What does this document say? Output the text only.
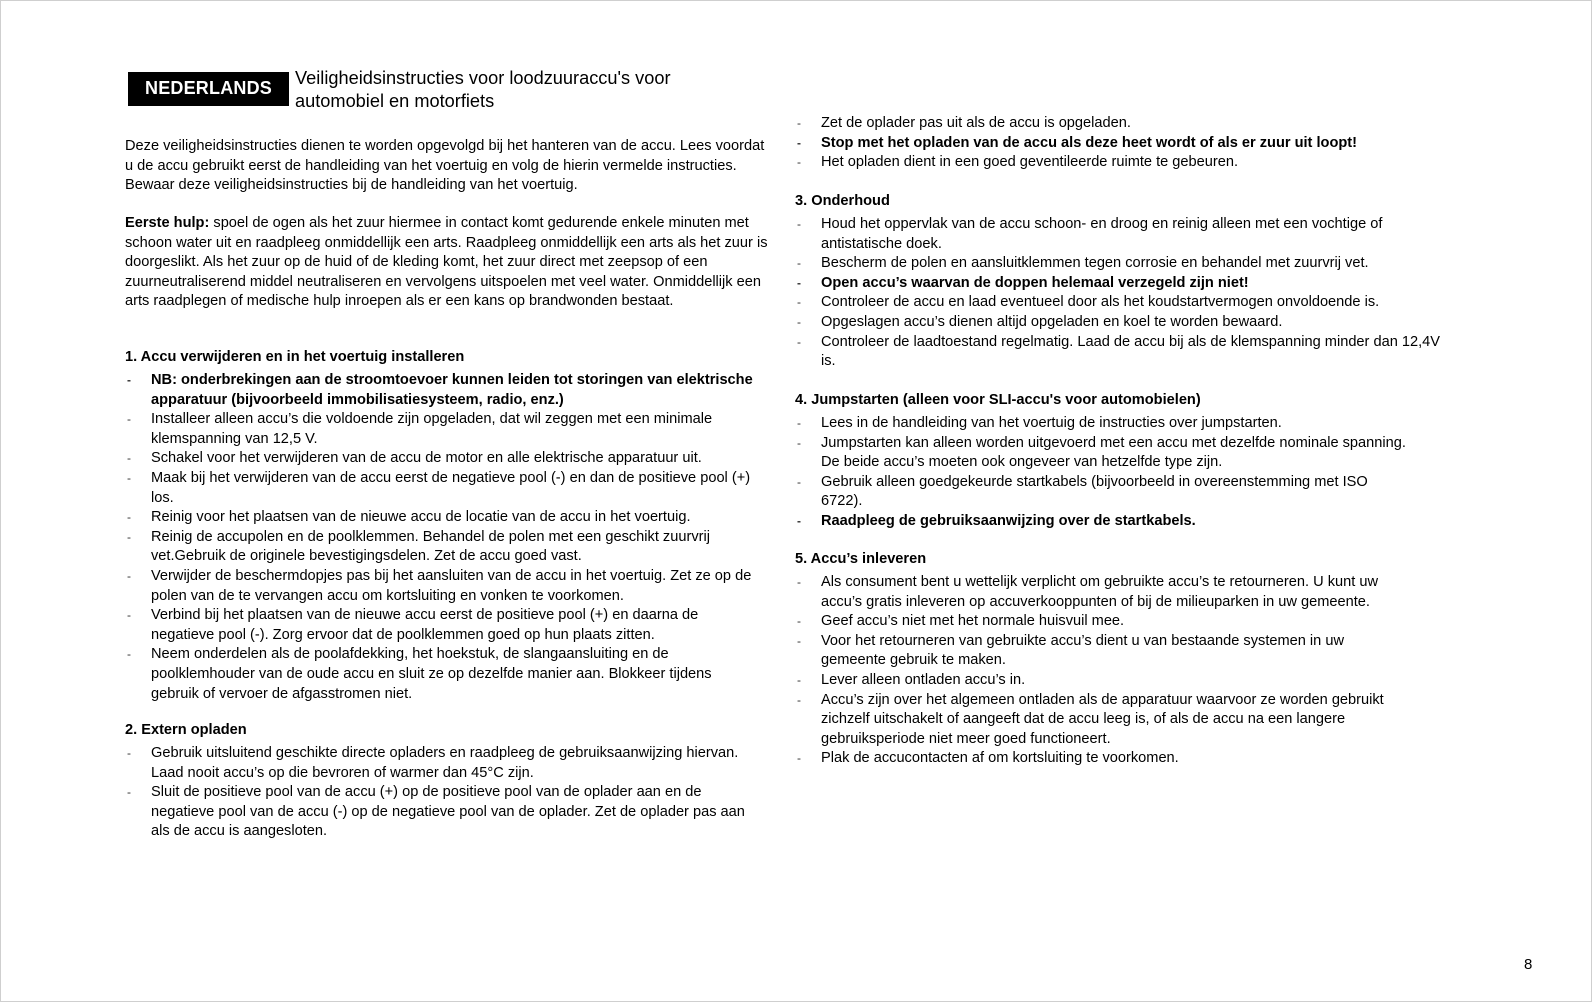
NEDERLANDS	Veiligheidsinstructies voor loodzuuraccu's voor
automobiel en motorfiets

Deze veiligheidsinstructies dienen te worden opgevolgd bij het hanteren van de accu. Lees voordat u de accu gebruikt eerst de handleiding van het voertuig en volg de hierin vermelde instructies. Bewaar deze veiligheidsinstructies bij de handleiding van het voertuig.

Eerste hulp: spoel de ogen als het zuur hiermee in contact komt gedurende enkele minuten met schoon water uit en raadpleeg onmiddellijk een arts. Raadpleeg onmiddellijk een arts als het zuur is doorgeslikt. Als het zuur op de huid of de kleding komt, het zuur direct met zeepsop of een zuurneutraliserend middel neutraliseren en vervolgens uitspoelen met veel water. Onmiddellijk een arts raadplegen of medische hulp inroepen als er een kans op brandwonden bestaat.

1. Accu verwijderen en in het voertuig installeren
- NB: onderbrekingen aan de stroomtoevoer kunnen leiden tot storingen van elektrische apparatuur (bijvoorbeeld immobilisatiesysteem, radio, enz.)
- Installeer alleen accu’s die voldoende zijn opgeladen, dat wil zeggen met een minimale klemspanning van 12,5 V.
- Schakel voor het verwijderen van de accu de motor en alle elektrische apparatuur uit.
- Maak bij het verwijderen van de accu eerst de negatieve pool (-) en dan de positieve pool (+) los.
- Reinig voor het plaatsen van de nieuwe accu de locatie van de accu in het voertuig.
- Reinig de accupolen en de poolklemmen. Behandel de polen met een geschikt zuurvrij vet.Gebruik de originele bevestigingsdelen. Zet de accu goed vast.
- Verwijder de beschermdopjes pas bij het aansluiten van de accu in het voertuig. Zet ze op de polen van de te vervangen accu om kortsluiting en vonken te voorkomen.
- Verbind bij het plaatsen van de nieuwe accu eerst de positieve pool (+) en daarna de negatieve pool (-). Zorg ervoor dat de poolklemmen goed op hun plaats zitten.
- Neem onderdelen als de poolafdekking, het hoekstuk, de slangaansluiting en de poolklemhouder van de oude accu en sluit ze op dezelfde manier aan. Blokkeer tijdens gebruik of vervoer de afgasstromen niet.
2. Extern opladen
- Gebruik uitsluitend geschikte directe opladers en raadpleeg de gebruiksaanwijzing hiervan. Laad nooit accu’s op die bevroren of warmer dan 45°C zijn.
- Sluit de positieve pool van de accu (+) op de positieve pool van de oplader aan en de negatieve pool van de accu (-) op de negatieve pool van de oplader. Zet de oplader pas aan als de accu is aangesloten.
- Zet de oplader pas uit als de accu is opgeladen.
- Stop met het opladen van de accu als deze heet wordt of als er zuur uit loopt!
- Het opladen dient in een goed geventileerde ruimte te gebeuren.
3. Onderhoud
- Houd het oppervlak van de accu schoon- en droog en reinig alleen met een vochtige of antistatische doek.
- Bescherm de polen en aansluitklemmen tegen corrosie en behandel met zuurvrij vet.
- Open accu’s waarvan de doppen helemaal verzegeld zijn niet!
- Controleer de accu en laad eventueel door als het koudstartvermogen onvoldoende is.
- Opgeslagen accu’s dienen altijd opgeladen en koel te worden bewaard.
- Controleer de laadtoestand regelmatig. Laad de accu bij als de klemspanning minder dan 12,4V is.
4. Jumpstarten (alleen voor SLI-accu's voor automobielen)
- Lees in de handleiding van het voertuig de instructies over jumpstarten.
- Jumpstarten kan alleen worden uitgevoerd met een accu met dezelfde nominale spanning. De beide accu’s moeten ook ongeveer van hetzelfde type zijn.
- Gebruik alleen goedgekeurde startkabels (bijvoorbeeld in overeenstemming met ISO 6722).
- Raadpleeg de gebruiksaanwijzing over de startkabels.
5. Accu’s inleveren
- Als consument bent u wettelijk verplicht om gebruikte accu’s te retourneren. U kunt uw accu’s gratis inleveren op accuverkooppunten of bij de milieuparken in uw gemeente.
- Geef accu’s niet met het normale huisvuil mee.
- Voor het retourneren van gebruikte accu’s dient u van bestaande systemen in uw gemeente gebruik te maken.
- Lever alleen ontladen accu’s in.
- Accu’s zijn over het algemeen ontladen als de apparatuur waarvoor ze worden gebruikt zichzelf uitschakelt of aangeeft dat de accu leeg is, of als de accu na een langere gebruiksperiode niet meer goed functioneert.
- Plak de accucontacten af om kortsluiting te voorkomen.
8
